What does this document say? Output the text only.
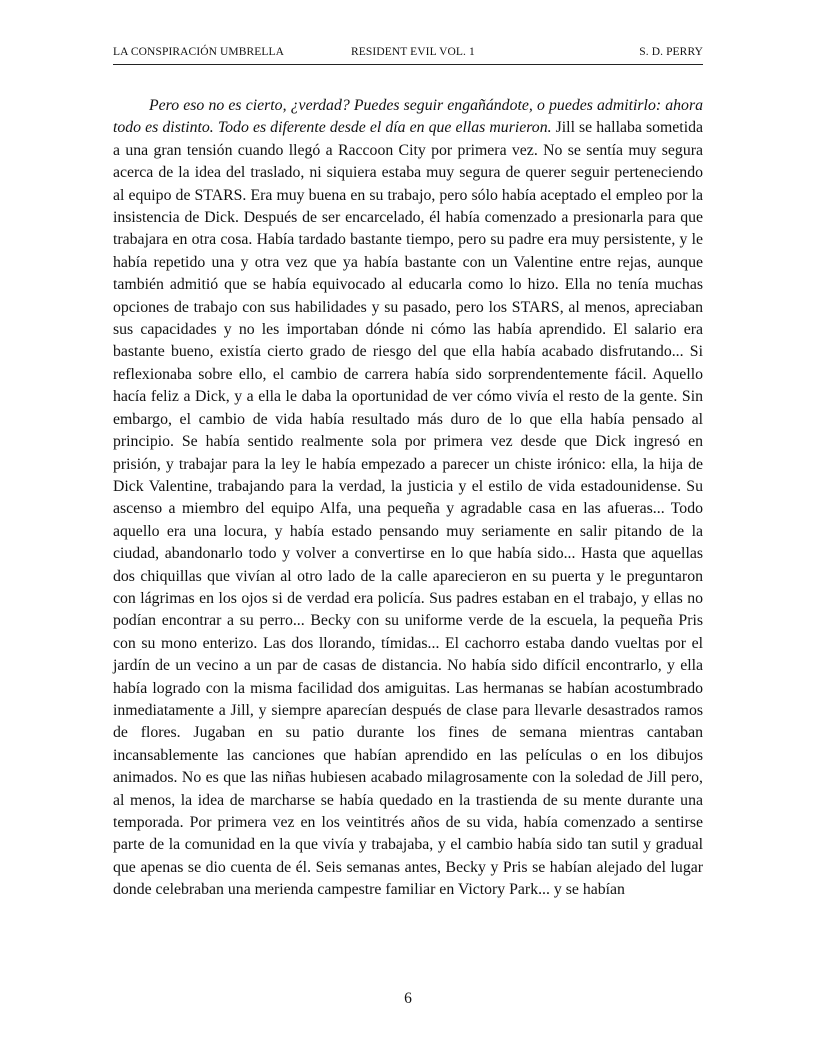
LA CONSPIRACIÓN UMBRELLA	RESIDENT EVIL VOL. 1	S. D. PERRY

Pero eso no es cierto, ¿verdad? Puedes seguir engañándote, o puedes admitirlo: ahora todo es distinto. Todo es diferente desde el día en que ellas murieron. Jill se hallaba sometida a una gran tensión cuando llegó a Raccoon City por primera vez. No se sentía muy segura acerca de la idea del traslado, ni siquiera estaba muy segura de querer seguir perteneciendo al equipo de STARS. Era muy buena en su trabajo, pero sólo había aceptado el empleo por la insistencia de Dick. Después de ser encarcelado, él había comenzado a presionarla para que trabajara en otra cosa. Había tardado bastante tiempo, pero su padre era muy persistente, y le había repetido una y otra vez que ya había bastante con un Valentine entre rejas, aunque también admitió que se había equivocado al educarla como lo hizo. Ella no tenía muchas opciones de trabajo con sus habilidades y su pasado, pero los STARS, al menos, apreciaban sus capacidades y no les importaban dónde ni cómo las había aprendido. El salario era bastante bueno, existía cierto grado de riesgo del que ella había acabado disfrutando... Si reflexionaba sobre ello, el cambio de carrera había sido sorprendentemente fácil. Aquello hacía feliz a Dick, y a ella le daba la oportunidad de ver cómo vivía el resto de la gente. Sin embargo, el cambio de vida había resultado más duro de lo que ella había pensado al principio. Se había sentido realmente sola por primera vez desde que Dick ingresó en prisión, y trabajar para la ley le había empezado a parecer un chiste irónico: ella, la hija de Dick Valentine, trabajando para la verdad, la justicia y el estilo de vida estadounidense. Su ascenso a miembro del equipo Alfa, una pequeña y agradable casa en las afueras... Todo aquello era una locura, y había estado pensando muy seriamente en salir pitando de la ciudad, abandonarlo todo y volver a convertirse en lo que había sido... Hasta que aquellas dos chiquillas que vivían al otro lado de la calle aparecieron en su puerta y le preguntaron con lágrimas en los ojos si de verdad era policía. Sus padres estaban en el trabajo, y ellas no podían encontrar a su perro... Becky con su uniforme verde de la escuela, la pequeña Pris con su mono enterizo. Las dos llorando, tímidas... El cachorro estaba dando vueltas por el jardín de un vecino a un par de casas de distancia. No había sido difícil encontrarlo, y ella había logrado con la misma facilidad dos amiguitas. Las hermanas se habían acostumbrado inmediatamente a Jill, y siempre aparecían después de clase para llevarle desastrados ramos de flores. Jugaban en su patio durante los fines de semana mientras cantaban incansablemente las canciones que habían aprendido en las películas o en los dibujos animados. No es que las niñas hubiesen acabado milagrosamente con la soledad de Jill pero, al menos, la idea de marcharse se había quedado en la trastienda de su mente durante una temporada. Por primera vez en los veintitrés años de su vida, había comenzado a sentirse parte de la comunidad en la que vivía y trabajaba, y el cambio había sido tan sutil y gradual que apenas se dio cuenta de él. Seis semanas antes, Becky y Pris se habían alejado del lugar donde celebraban una merienda campestre familiar en Victory Park... y se habían

6
